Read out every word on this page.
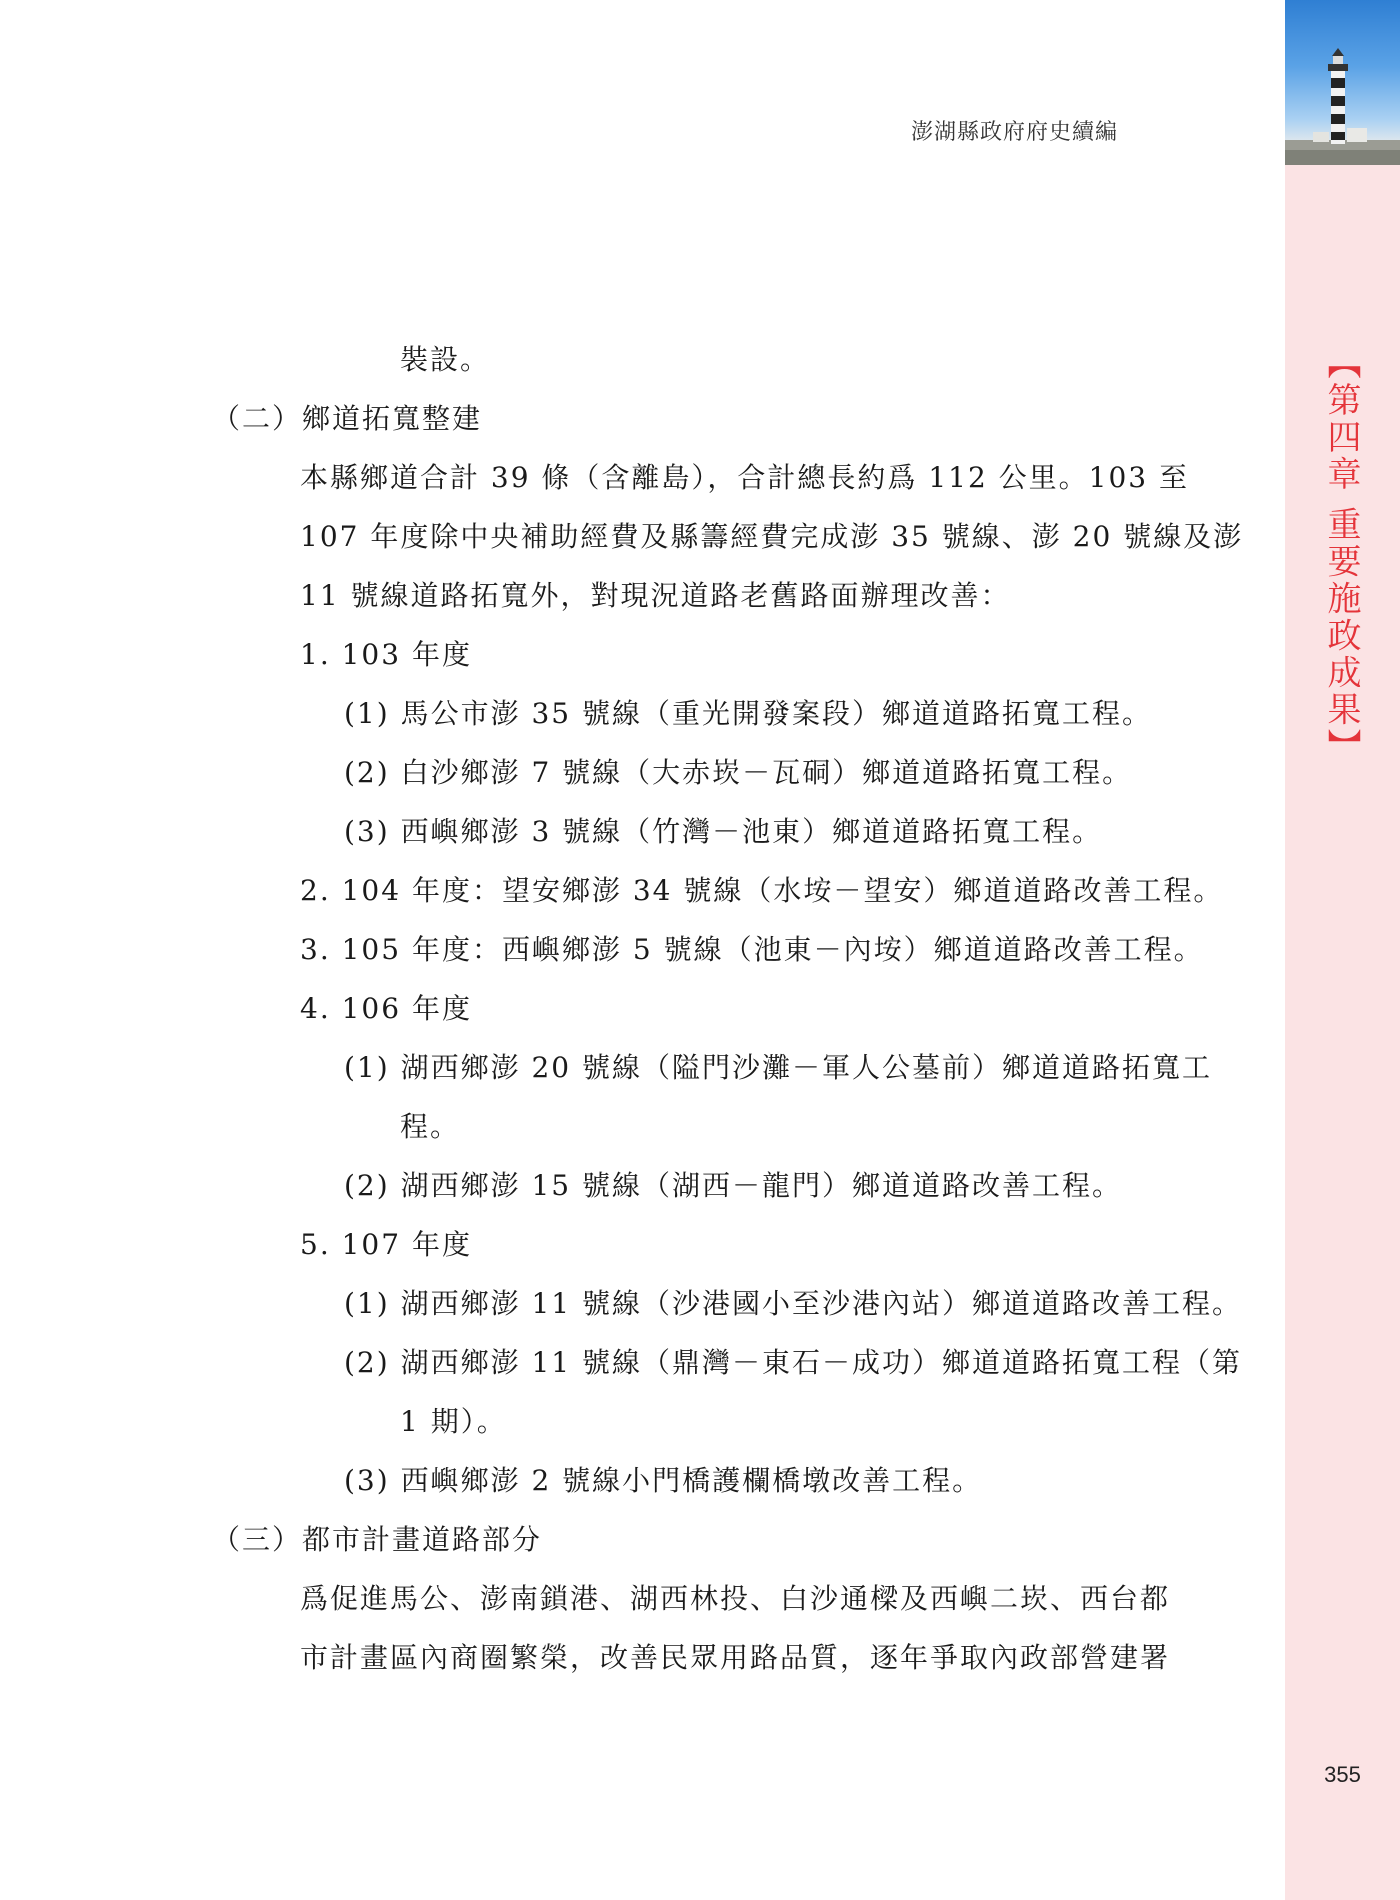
澎湖縣政府府史續編
裝設。
（二）鄉道拓寬整建
本縣鄉道合計 39 條（含離島），合計總長約爲 112 公里。103 至
107 年度除中央補助經費及縣籌經費完成澎 35 號線、澎 20 號線及澎
11 號線道路拓寬外，對現況道路老舊路面辦理改善：
1. 103 年度
(1) 馬公市澎 35 號線（重光開發案段）鄉道道路拓寬工程。
(2) 白沙鄉澎 7 號線（大赤崁－瓦硐）鄉道道路拓寬工程。
(3) 西嶼鄉澎 3 號線（竹灣－池東）鄉道道路拓寬工程。
2. 104 年度：望安鄉澎 34 號線（水垵－望安）鄉道道路改善工程。
3. 105 年度：西嶼鄉澎 5 號線（池東－內垵）鄉道道路改善工程。
4. 106 年度
(1) 湖西鄉澎 20 號線（隘門沙灘－軍人公墓前）鄉道道路拓寬工
程。
(2) 湖西鄉澎 15 號線（湖西－龍門）鄉道道路改善工程。
5. 107 年度
(1) 湖西鄉澎 11 號線（沙港國小至沙港內站）鄉道道路改善工程。
(2) 湖西鄉澎 11 號線（鼎灣－東石－成功）鄉道道路拓寬工程（第
1 期）。
(3) 西嶼鄉澎 2 號線小門橋護欄橋墩改善工程。
（三）都市計畫道路部分
爲促進馬公、澎南鎖港、湖西林投、白沙通樑及西嶼二崁、西台都
市計畫區內商圈繁榮，改善民眾用路品質，逐年爭取內政部營建署
【第四章 重要施政成果】
355
